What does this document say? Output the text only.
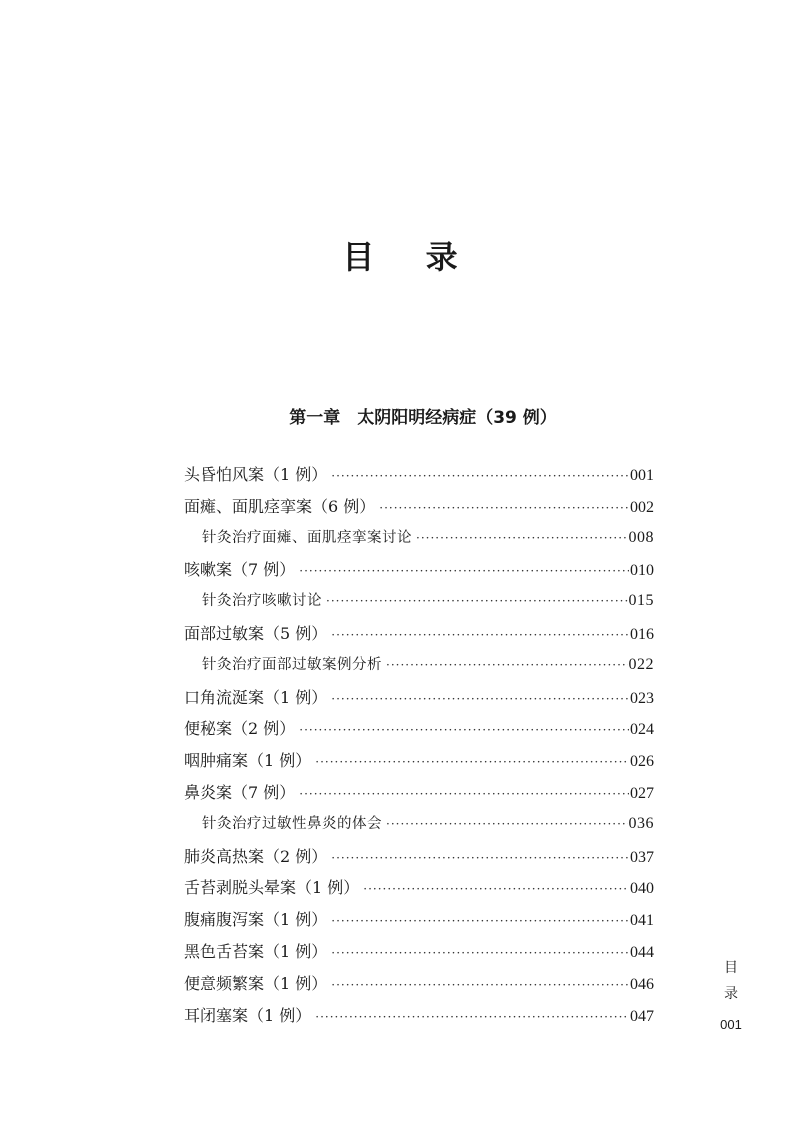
目 录
第一章　太阴阳明经病症（39 例）
头昏怕风案（1 例） ·····	001
面瘫、面肌痉挛案（6 例） ·····	002
针灸治疗面瘫、面肌痉挛案讨论 ·····	008
咳嗽案（7 例） ·····	010
针灸治疗咳嗽讨论 ·····	015
面部过敏案（5 例） ·····	016
针灸治疗面部过敏案例分析 ·····	022
口角流涎案（1 例） ·····	023
便秘案（2 例） ·····	024
咽肿痛案（1 例） ·····	026
鼻炎案（7 例） ·····	027
针灸治疗过敏性鼻炎的体会 ·····	036
肺炎高热案（2 例） ·····	037
舌苔剥脱头晕案（1 例） ·····	040
腹痛腹泻案（1 例） ·····	041
黑色舌苔案（1 例） ·····	044
便意频繁案（1 例） ·····	046
耳闭塞案（1 例） ·····	047
目
录
001
